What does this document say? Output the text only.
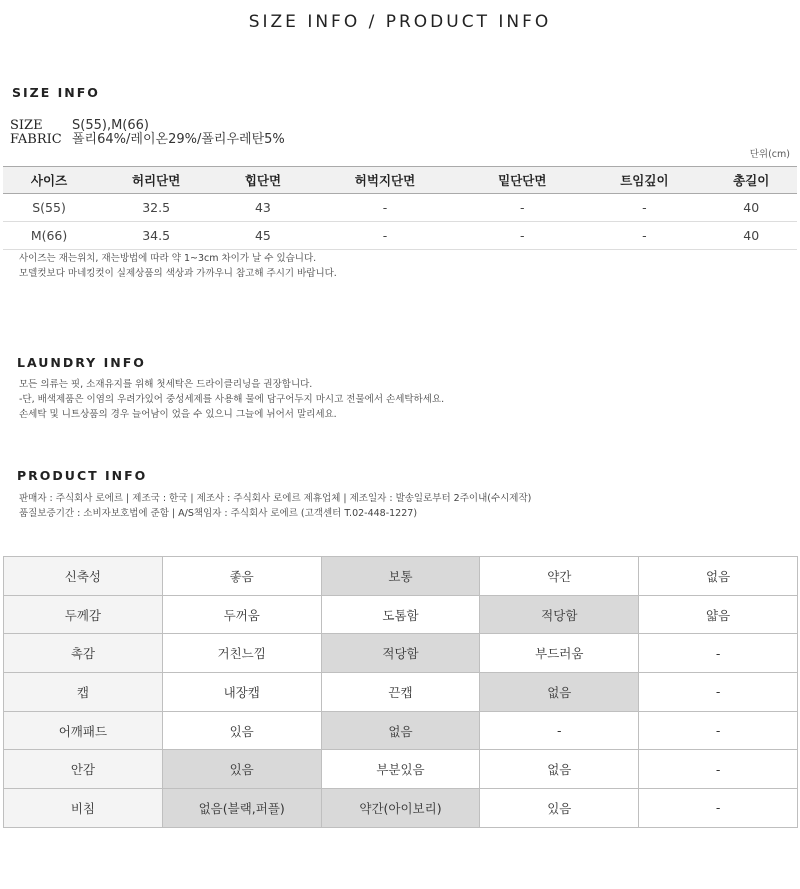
SIZE INFO / PRODUCT INFO
SIZE INFO
SIZE	S(55),M(66)
FABRIC 폴리64%/레이온29%/폴리우레탄5%
단위(cm)
사이즈	허리단면	힙단면	허벅지단면	밑단단면	트임깊이	총길이
S(55)	32.5	43	-	-	-	40
M(66)	34.5	45	-	-	-	40
사이즈는 재는위치, 재는방법에 따라 약 1~3cm 차이가 날 수 있습니다.
모델컷보다 마네킹컷이 실제상품의 색상과 가까우니 참고해 주시기 바랍니다.
LAUNDRY INFO
모든 의류는 핏, 소재유지를 위해 첫세탁은 드라이클리닝을 권장합니다.
-단, 배색제품은 이염의 우려가있어 중성세제를 사용해 물에 담구어두지 마시고 전물에서 손세탁하세요.
손세탁 및 니트상품의 경우 늘어남이 었을 수 있으니 그늘에 뉘어서 말리세요.
PRODUCT INFO
판매자 : 주식회사 로에르 | 제조국 : 한국 | 제조사 : 주식회사 로에르 제휴업체 | 제조일자 : 발송일로부터 2주이내(수시제작)
품질보증기간 : 소비자보호법에 준함 | A/S책임자 : 주식회사 로에르 (고객센터 T.02-448-1227)
신축성	좋음	보통	약간	없음
두께감	두꺼움	도톰함	적당함	얇음
촉감	거친느낌	적당함	부드러움	-
캡	내장캡	끈캡	없음	-
어깨패드	있음	없음	-	-
안감	있음	부분있음	없음	-
비침	없음(블랙,퍼플)	약간(아이보리)	있음	-
